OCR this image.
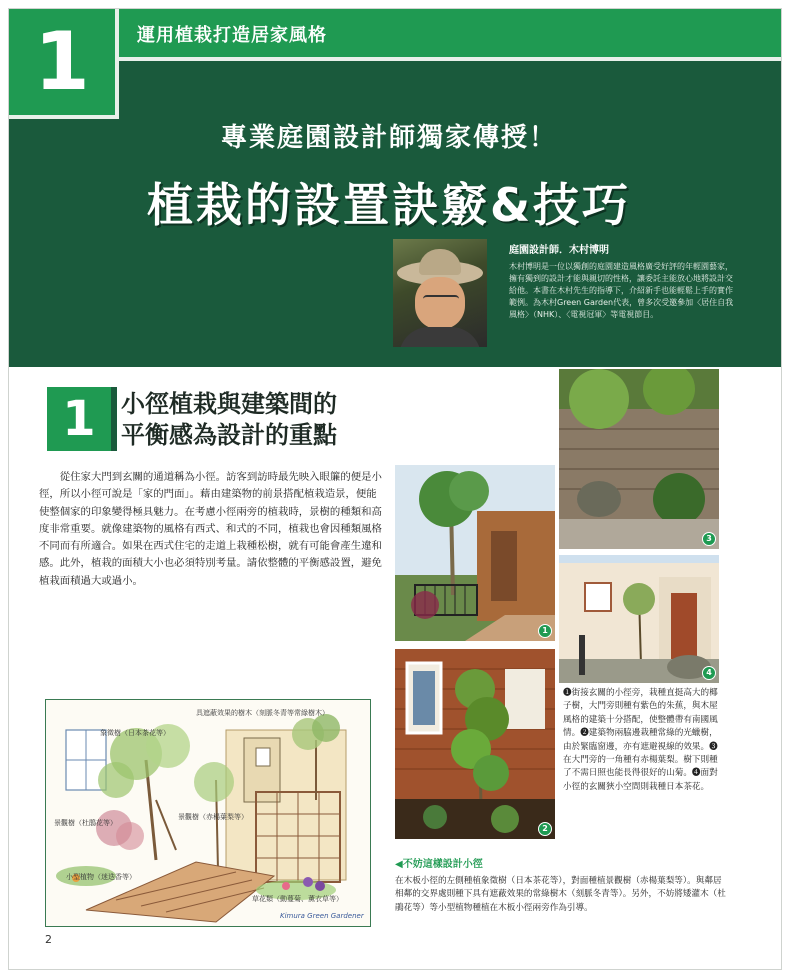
1	運用植栽打造居家風格
專業庭園設計師獨家傳授！
植栽的設置訣竅&技巧
庭園設計師．木村博明

木村博明是一位以獨創的庭園建造風格廣受好評的年輕園藝家，擁有獨到的設計才能與親切的性格，讓委託主能放心地將設計交給他。本書在木村先生的指導下，介紹新手也能輕鬆上手的實作範例。為木村Green Garden代表，曾多次受邀參加〈居住自我風格〉（NHK）、〈電視冠軍〉等電視節目。

1	小徑植栽與建築間的
平衡感為設計的重點

從住家大門到玄關的通道稱為小徑。訪客到訪時最先映入眼簾的便是小徑，所以小徑可說是「家的門面」。藉由建築物的前景搭配植栽造景，便能使整個家的印象變得極具魅力。在考慮小徑兩旁的植栽時，景樹的種類和高度非常重要。就像建築物的風格有西式、和式的不同，植栽也會因種類風格不同而有所適合。如果在西式住宅的走道上栽種松樹，就有可能會產生違和感。此外，植栽的面積大小也必須特別考量。請依整體的平衡感設置，避免植栽面積過大或過小。

具遮蔽效果的樹木（刻脈冬青等常綠樹木）
象徵樹（日本茶花等）
景觀樹（杜鵑花等）
景觀樹（赤楊葉梨等）
小型植物（迷迭香等）
草花類（動蔓菊、薰衣草等）
Kimura Green Gardener
2
1
3
4
2

❶街接玄關的小徑旁，栽種直挺高大的椰子樹，大門旁則種有紫色的朱蕉，與木屋風格的建築十分搭配，使整體帶有南國風情。❷建築物兩脇邊栽種常綠的光蠟樹，由於緊臨窗邊，亦有遮避視線的效果。❸在大門旁的一角種有赤楊葉梨。樹下則種了不需日照也能長得很好的山菊。❹面對小徑的玄關狹小空間則栽種日本茶花。

◀不妨這樣設計小徑

在木板小徑的左側種植象徵樹（日本茶花等），對面種植景觀樹（赤楊葉梨等）。與鄰居相鄰的交界處則種下具有遮蔽效果的常綠樹木（刻脈冬青等）。另外，不妨將矮灌木（杜鵑花等）等小型植物種植在木板小徑兩旁作為引導。
